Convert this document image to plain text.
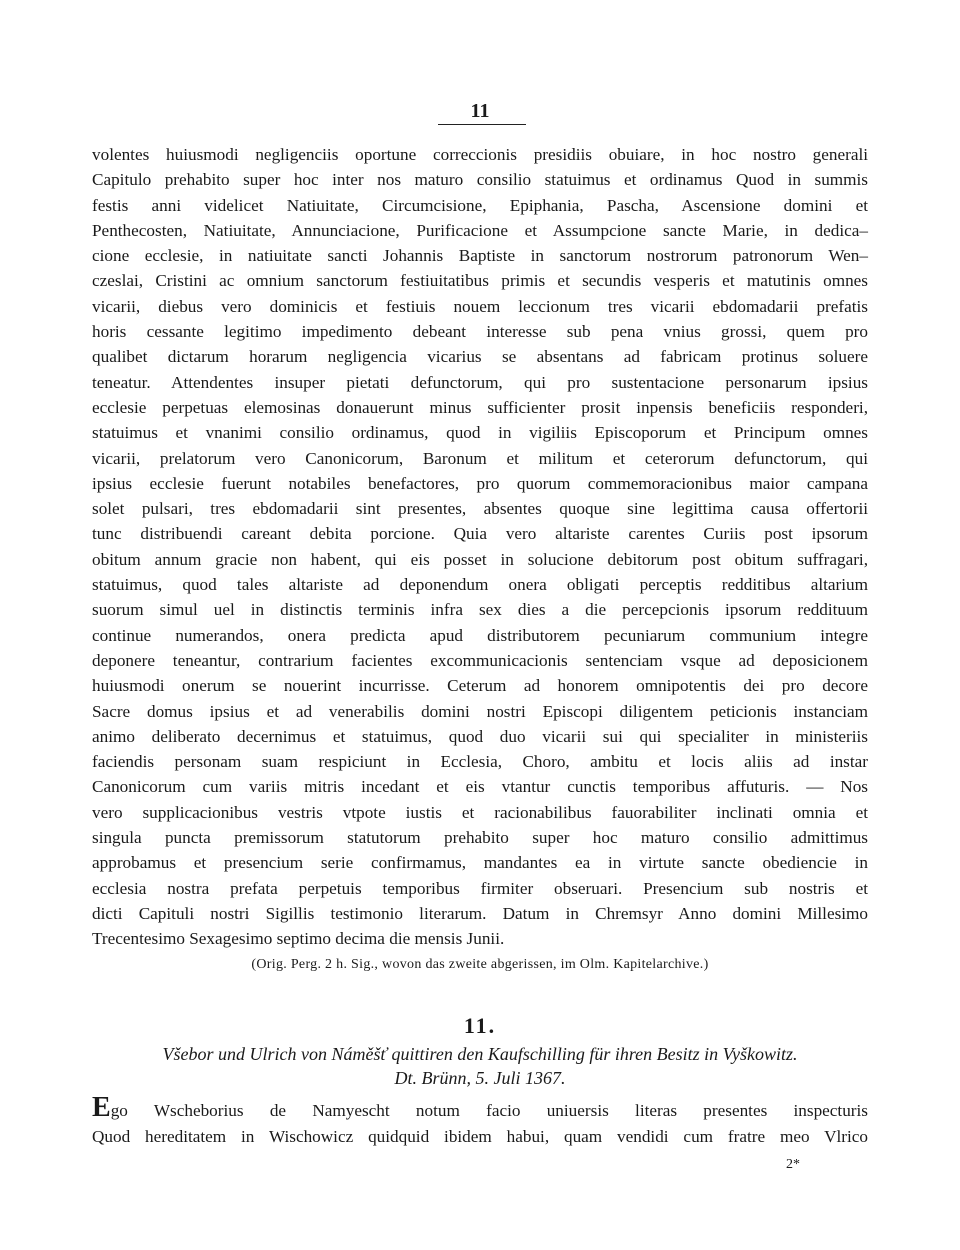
11
volentes huiusmodi negligenciis oportune correccionis presidiis obuiare, in hoc nostro generali
Capitulo prehabito super hoc inter nos maturo consilio statuimus et ordinamus Quod in summis
festis anni videlicet Natiuitate, Circumcisione, Epiphania, Pascha, Ascensione domini et
Penthecosten, Natiuitate, Annunciacione, Purificacione et Assumpcione sancte Marie, in dedica–
cione ecclesie, in natiuitate sancti Johannis Baptiste in sanctorum nostrorum patronorum Wen–
czeslai, Cristini ac omnium sanctorum festiuitatibus primis et secundis vesperis et matutinis omnes
vicarii, diebus vero dominicis et festiuis nouem leccionum tres vicarii ebdomadarii prefatis
horis cessante legitimo impedimento debeant interesse sub pena vnius grossi, quem pro
qualibet dictarum horarum negligencia vicarius se absentans ad fabricam protinus soluere
teneatur. Attendentes insuper pietati defunctorum, qui pro sustentacione personarum ipsius
ecclesie perpetuas elemosinas donauerunt minus sufficienter prosit inpensis beneficiis responderi,
statuimus et vnanimi consilio ordinamus, quod in vigiliis Episcoporum et Principum omnes
vicarii, prelatorum vero Canonicorum, Baronum et militum et ceterorum defunctorum, qui
ipsius ecclesie fuerunt notabiles benefactores, pro quorum commemoracionibus maior campana
solet pulsari, tres ebdomadarii sint presentes, absentes quoque sine legittima causa offertorii
tunc distribuendi careant debita porcione. Quia vero altariste carentes Curiis post ipsorum
obitum annum gracie non habent, qui eis posset in solucione debitorum post obitum suffragari,
statuimus, quod tales altariste ad deponendum onera obligati perceptis redditibus altarium
suorum simul uel in distinctis terminis infra sex dies a die percepcionis ipsorum reddituum
continue numerandos, onera predicta apud distributorem pecuniarum communium integre
deponere teneantur, contrarium facientes excommunicacionis sentenciam vsque ad deposicionem
huiusmodi onerum se nouerint incurrisse. Ceterum ad honorem omnipotentis dei pro decore
Sacre domus ipsius et ad venerabilis domini nostri Episcopi diligentem peticionis instanciam
animo deliberato decernimus et statuimus, quod duo vicarii sui qui specialiter in ministeriis
faciendis personam suam respiciunt in Ecclesia, Choro, ambitu et locis aliis ad instar
Canonicorum cum variis mitris incedant et eis vtantur cunctis temporibus affuturis. — Nos
vero supplicacionibus vestris vtpote iustis et racionabilibus fauorabiliter inclinati omnia et
singula puncta premissorum statutorum prehabito super hoc maturo consilio admittimus
approbamus et presencium serie confirmamus, mandantes ea in virtute sancte obediencie in
ecclesia nostra prefata perpetuis temporibus firmiter obseruari. Presencium sub nostris et
dicti Capituli nostri Sigillis testimonio literarum. Datum in Chremsyr Anno domini Millesimo
Trecentesimo Sexagesimo septimo decima die mensis Junii.
(Orig. Perg. 2 h. Sig., wovon das zweite abgerissen, im Olm. Kapitelarchive.)
11.
Všebor und Ulrich von Náměšť quittiren den Kaufschilling für ihren Besitz in Vyškowitz.
Dt. Brünn, 5. Juli 1367.
Ego Wscheborius de Namyescht notum facio uniuersis literas presentes inspecturis
Quod hereditatem in Wischowicz quidquid ibidem habui, quam vendidi cum fratre meo Vlrico
2*
